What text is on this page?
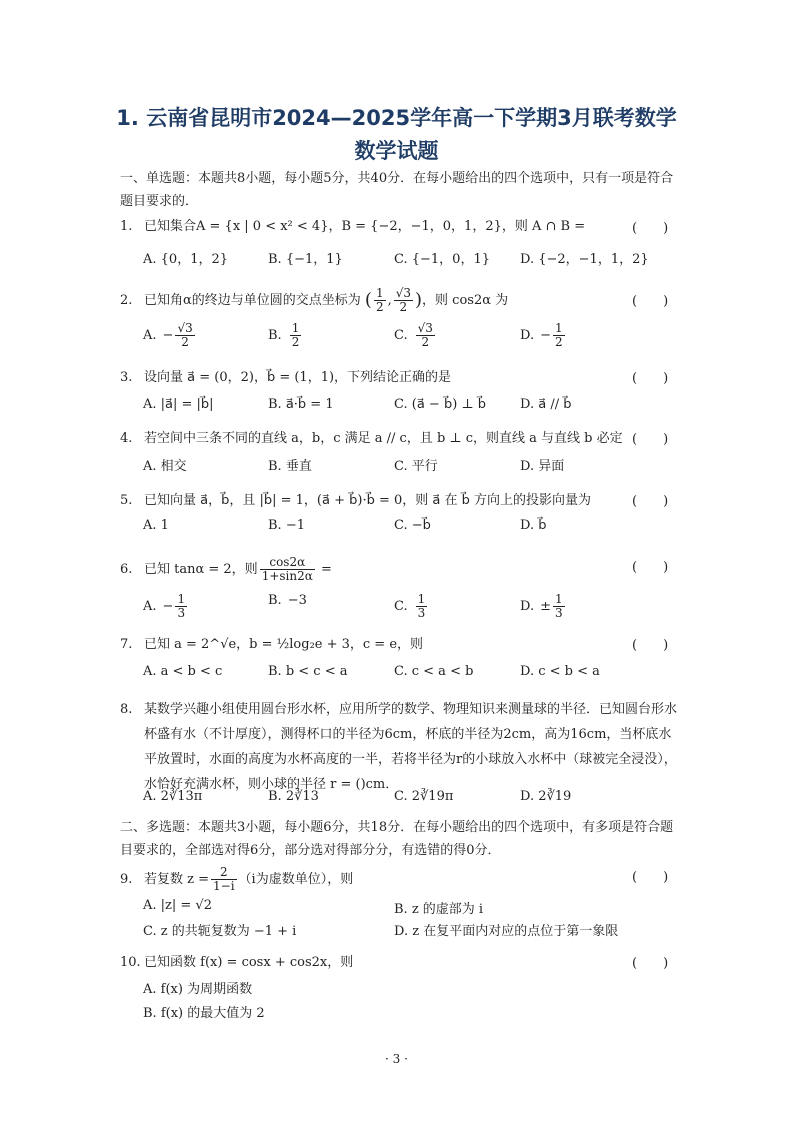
1. 云南省昆明市2024—2025学年高一下学期3月联考数学
数学试题
一、单选题：本题共8小题，每小题5分，共40分．在每小题给出的四个选项中，只有一项是符合题目要求的．
1. 已知集合A = {x | 0 < x² < 4}，B = {−2，−1，0，1，2}，则 A ∩ B =	(　　)
A. {0，1，2}	B. {−1，1}	C. {−1，0，1} D. {−2，−1，1，2}
2. 已知角α的终边与单位圆的交点坐标为 ( $\frac{1}{2}$ , $\frac{√3}{2}$ )，则 cos2α 为	(　　)
A. − $\frac{√3}{2}$	B. $\frac{1}{2}$	C. $\frac{√3}{2}$	D. − $\frac{1}{2}$
3. 设向量 a⃗ = (0，2)，b⃗ = (1，1)，下列结论正确的是	(　　)
A. |a⃗| = |b⃗|	B. a⃗·b⃗ = 1	C. (a⃗ − b⃗) ⊥ b⃗	D. a⃗ // b⃗
4. 若空间中三条不同的直线 a，b，c 满足 a // c，且 b ⊥ c，则直线 a 与直线 b 必定 (　　)
A. 相交	B. 垂直	C. 平行	D. 异面
5. 已知向量 a⃗，b⃗，且 |b⃗| = 1，(a⃗ + b⃗)·b⃗ = 0，则 a⃗ 在 b⃗ 方向上的投影向量为	(　　)
A. 1	B. −1	C. −b⃗	D. b⃗
6. 已知 tanα = 2，则 $\frac{\cos 2\alpha}{1+\sin 2\alpha}$ =	(　　)
A. − $\frac{1}{3}$	B. −3	C. $\frac{1}{3}$	D. ± $\frac{1}{3}$
7. 已知 a = 2^√e，b = ½log₂e + 3，c = e，则	(　　)
A. a < b < c	B. b < c < a	C. c < a < b	D. c < b < a
8. 某数学兴趣小组使用圆台形水杯，应用所学的数学、物理知识来测量球的半径．已知圆台形水杯盛有水（不计厚度），测得杯口的半径为6cm，杯底的半径为2cm，高为16cm，当杯底水平放置时，水面的高度为水杯高度的一半，若将半径为r的小球放入水杯中（球被完全浸没），水恰好充满水杯，则小球的半径 r = ()cm．
A. 2∛13π	B. 2∛13	C. 2∛19π	D. 2∛19
二、多选题：本题共3小题，每小题6分，共18分．在每小题给出的四个选项中，有多项是符合题目要求的，全部选对得6分，部分选对得部分分，有选错的得0分．
9. 若复数 $z = \frac{2}{1-i} (i$为虚数单位），则	(　　)
A. |z| = √2	B. z 的虚部为 i
C. z 的共轭复数为 −1 + i	D. z 在复平面内对应的点位于第一象限
10. 已知函数 f(x) = cosx + cos2x，则	(　　)
A. f(x) 为周期函数
B. f(x) 的最大值为 2
· 3 ·
